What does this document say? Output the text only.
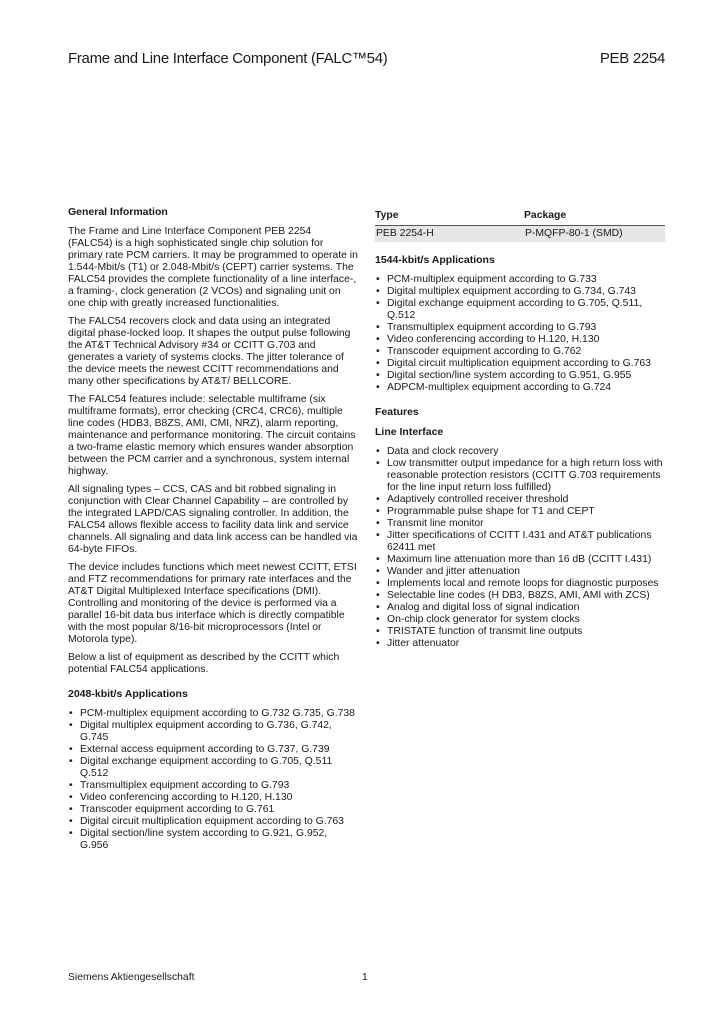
Frame and Line Interface Component (FALC™54)	PEB 2254
General Information

The Frame and Line Interface Component PEB 2254 (FALC54) is a high sophisticated single chip solution for primary rate PCM carriers. It may be programmed to operate in 1.544-Mbit/s (T1) or 2.048-Mbit/s (CEPT) carrier systems. The FALC54 provides the complete functionality of a line interface-, a framing-, clock generation (2 VCOs) and signaling unit on one chip with greatly increased functionalities.

The FALC54 recovers clock and data using an integrated digital phase-locked loop. It shapes the output pulse following the AT&T Technical Advisory #34 or CCITT G.703 and generates a variety of systems clocks. The jitter tolerance of the device meets the newest CCITT recommendations and many other specifications by AT&T/ BELLCORE.

The FALC54 features include: selectable multiframe (six multiframe formats), error checking (CRC4, CRC6), multiple line codes (HDB3, B8ZS, AMI, CMI, NRZ), alarm reporting, maintenance and performance monitoring. The circuit contains a two-frame elastic memory which ensures wander absorption between the PCM carrier and a synchronous, system internal highway.

All signaling types – CCS, CAS and bit robbed signaling in conjunction with Clear Channel Capability – are controlled by the integrated LAPD/CAS signaling controller. In addition, the FALC54 allows flexible access to facility data link and service channels. All signaling and data link access can be handled via 64-byte FIFOs.

The device includes functions which meet newest CCITT, ETSI and FTZ recommendations for primary rate interfaces and the AT&T Digital Multiplexed Interface specifications (DMI). Controlling and monitoring of the device is performed via a parallel 16-bit data bus interface which is directly compatible with the most popular 8/16-bit microprocessors (Intel or Motorola type).

Below a list of equipment as described by the CCITT which potential FALC54 applications.

2048-kbit/s Applications
• PCM-multiplex equipment according to G.732 G.735, G.738
• Digital multiplex equipment according to G.736, G.742, G.745
• External access equipment according to G.737, G.739
• Digital exchange equipment according to G.705, Q.511 Q.512
• Transmultiplex equipment according to G.793
• Video conferencing according to H.120, H.130
• Transcoder equipment according to G.761
• Digital circuit multiplication equipment according to G.763
• Digital section/line system according to G.921, G.952, G.956
Type	Package
PEB 2254-H	P-MQFP-80-1 (SMD)
1544-kbit/s Applications
• PCM-multiplex equipment according to G.733
• Digital multiplex equipment according to G.734, G.743
• Digital exchange equipment according to G.705, Q.511, Q.512
• Transmultiplex equipment according to G.793
• Video conferencing according to H.120, H.130
• Transcoder equipment according to G.762
• Digital circuit multiplication equipment according to G.763
• Digital section/line system according to G.951, G.955
• ADPCM-multiplex equipment according to G.724
Features
Line Interface
• Data and clock recovery
• Low transmitter output impedance for a high return loss with reasonable protection resistors (CCITT G.703 requirements for the line input return loss fulfilled)
• Adaptively controlled receiver threshold
• Programmable pulse shape for T1 and CEPT
• Transmit line monitor
• Jitter specifications of CCITT I.431 and AT&T publications 62411 met
• Maximum line attenuation more than 16 dB (CCITT I.431)
• Wander and jitter attenuation
• Implements local and remote loops for diagnostic purposes
• Selectable line codes (H DB3, B8ZS, AMI, AMI with ZCS)
• Analog and digital loss of signal indication
• On-chip clock generator for system clocks
• TRISTATE function of transmit line outputs
• Jitter attenuator
Siemens Aktiengesellschaft	1
